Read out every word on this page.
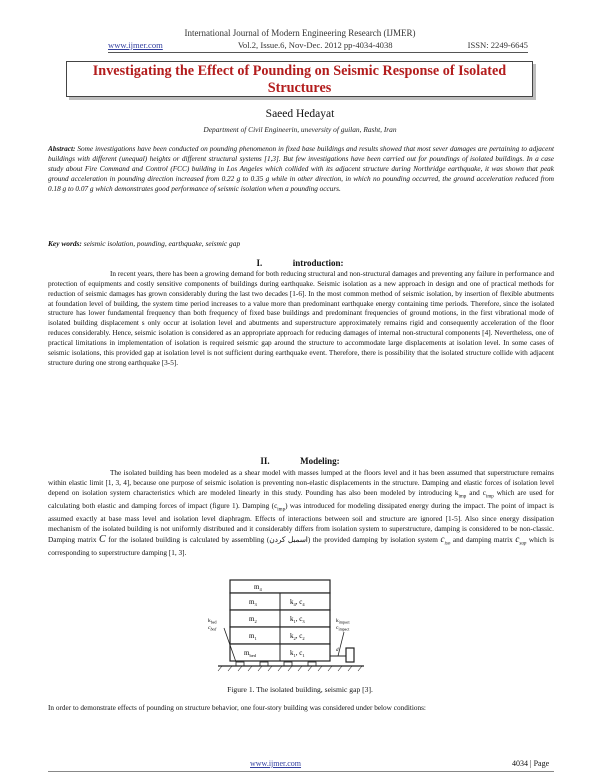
International Journal of Modern Engineering Research (IJMER)
www.ijmer.com	Vol.2, Issue.6, Nov-Dec. 2012 pp-4034-4038	ISSN: 2249-6645
Investigating the Effect of Pounding on Seismic Response of Isolated
Structures
Saeed Hedayat
Department of Civil Engineerin, uneversity of guilan, Rasht, Iran

Abstract: Some investigations have been conducted on pounding phenomenon in fixed base buildings and results showed that most sever damages are pertaining to adjacent buildings with different (unequal) heights or different structural systems [1,3]. But few investigations have been carried out for poundings of isolated buildings. In a case study about Fire Command and Control (FCC) building in Los Angeles which collided with its adjacent structure during Northridge earthquake, it was shown that peak ground acceleration in pounding direction increased from 0.22 g to 0.35 g while in other direction, in which no pounding occurred, the ground acceleration reduced from 0.18 g to 0.07 g which demonstrates good performance of seismic isolation when a pounding occurs.

Key words: seismic isolation, pounding, earthquake, seismic gap

I.	introduction:

In recent years, there has been a growing demand for both reducing structural and non-structural damages and preventing any failure in performance and protection of equipments and costly sensitive components of buildings during earthquake. Seismic isolation as a new approach in design and one of practical methods for reduction of seismic damages has grown considerably during the last two decades [1-6]. In the most common method of seismic isolation, by insertion of flexible abutments at foundation level of building, the system time period increases to a value more than predominant earthquake energy containing time periods. Therefore, since the isolated structure has lower fundamental frequency than both frequency of fixed base buildings and predominant frequencies of ground motions, in the first vibrational mode of isolated building displacement s only occur at isolation level and abutments and superstructure approximately remains rigid and consequently acceleration of the floor reduces considerably. Hence, seismic isolation is considered as an appropriate approach for reducing damages of internal non-structural components [4]. Nevertheless, one of practical limitations in implementation of isolation is required seismic gap around the structure to accommodate large displacements at isolation level. In some cases of seismic isolations, this provided gap at isolation level is not sufficient during earthquake event. Therefore, there is possibility that the isolated structure collide with adjacent structure during one strong earthquake [3-5].

II.	Modeling:

The isolated building has been modeled as a shear model with masses lumped at the floors level and it has been assumed that superstructure remains within elastic limit [1, 3, 4], because one purpose of seismic isolation is preventing non-elastic displacements in the structure. Damping and elastic forces of isolation level depend on isolation system characteristics which are modeled linearly in this study. Pounding has also been modeled by introducing $k_{imp}$ and $c_{imp}$ which are used for calculating both elastic and damping forces of impact (figure 1). Damping $(c_{imp})$ was introduced for modeling dissipated energy during the impact. The point of impact is assumed exactly at base mass level and isolation level diaphragm. Effects of interactions between soil and structure are ignored [1-5]. Also since energy dissipation mechanism of the isolated building is not uniformly distributed and it considerably differs from isolation system to superstructure, damping is considered to be non-classic. Damping matrix C for the isolated building is calculated by assembling (اسمبل کردن) the provided damping by isolation system $c_{iso}$ and damping matrix $c_{sup}$ which is corresponding to superstructure damping [1, 3].

$m_4$
$m_3$
$m_2$
$m_1$
$m_{bed}$
$k_4$, $c_4$
$k_1$, $c_3$
$k_2$, $c_2$
$k_1$, $c_1$
$k_{bed}$
$c_{bed}$
$k_{impact}$
$c_{impact}$
d
Figure 1. The isolated building, seismic gap [3].

In order to demonstrate effects of pounding on structure behavior, one four-story building was considered under below conditions:

www.ijmer.com	4034 | Page
